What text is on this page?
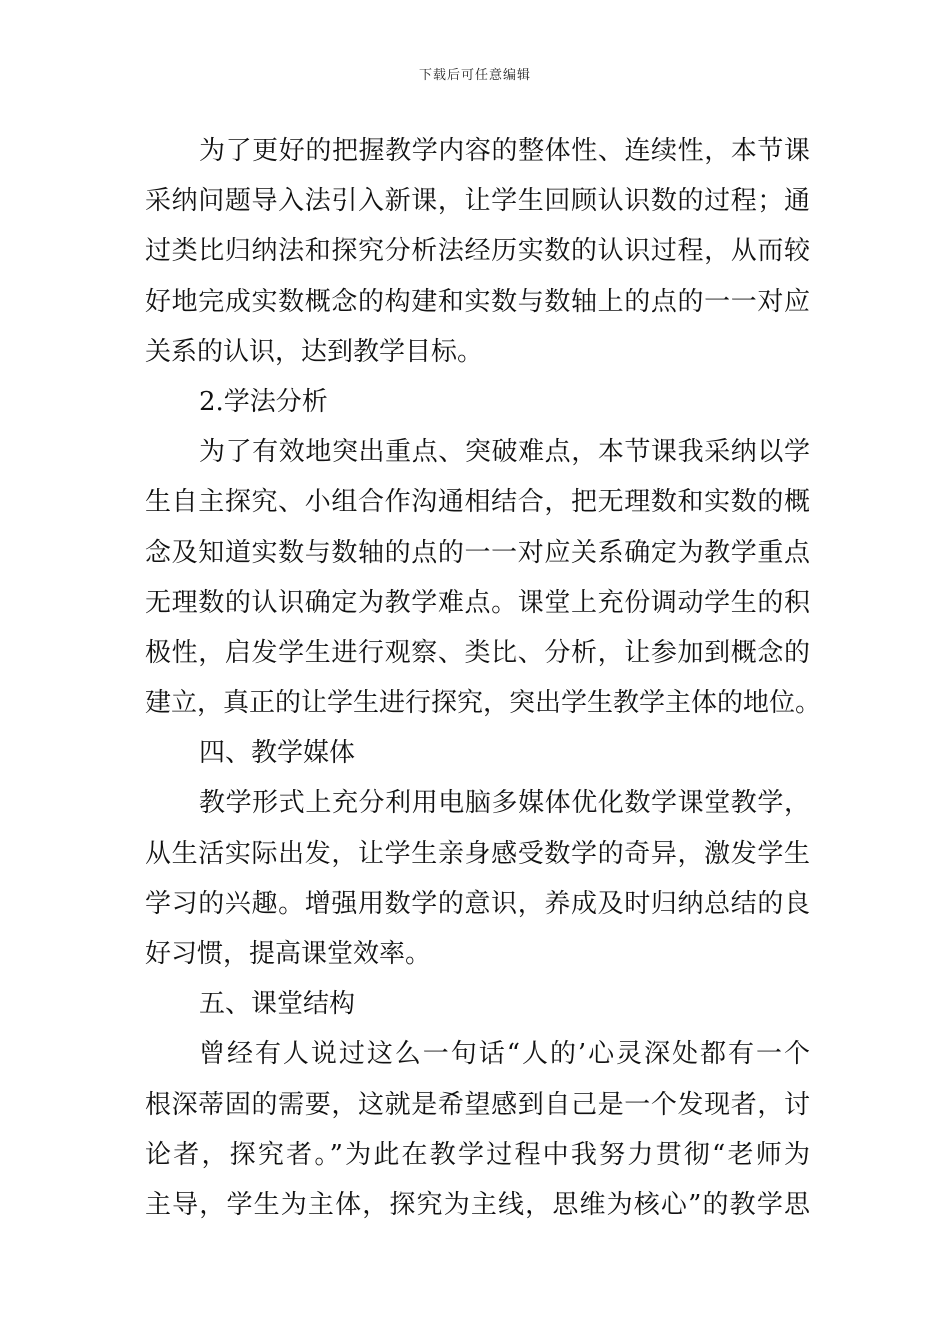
下载后可任意编辑
为了更好的把握教学内容的整体性、连续性，本节课
采纳问题导入法引入新课，让学生回顾认识数的过程；通
过类比归纳法和探究分析法经历实数的认识过程，从而较
好地完成实数概念的构建和实数与数轴上的点的一一对应
关系的认识，达到教学目标。
2.学法分析
为了有效地突出重点、突破难点，本节课我采纳以学
生自主探究、小组合作沟通相结合，把无理数和实数的概
念及知道实数与数轴的点的一一对应关系确定为教学重点
无理数的认识确定为教学难点。课堂上充份调动学生的积
极性，启发学生进行观察、类比、分析，让参加到概念的
建立，真正的让学生进行探究，突出学生教学主体的地位。
四、教学媒体
教学形式上充分利用电脑多媒体优化数学课堂教学，
从生活实际出发，让学生亲身感受数学的奇异，激发学生
学习的兴趣。增强用数学的意识，养成及时归纳总结的良
好习惯，提高课堂效率。
五、课堂结构
曾经有人说过这么一句话“人的’心灵深处都有一个
根深蒂固的需要，这就是希望感到自己是一个发现者，讨
论者，探究者。”为此在教学过程中我努力贯彻“老师为
主导，学生为主体，探究为主线，思维为核心”的教学思
